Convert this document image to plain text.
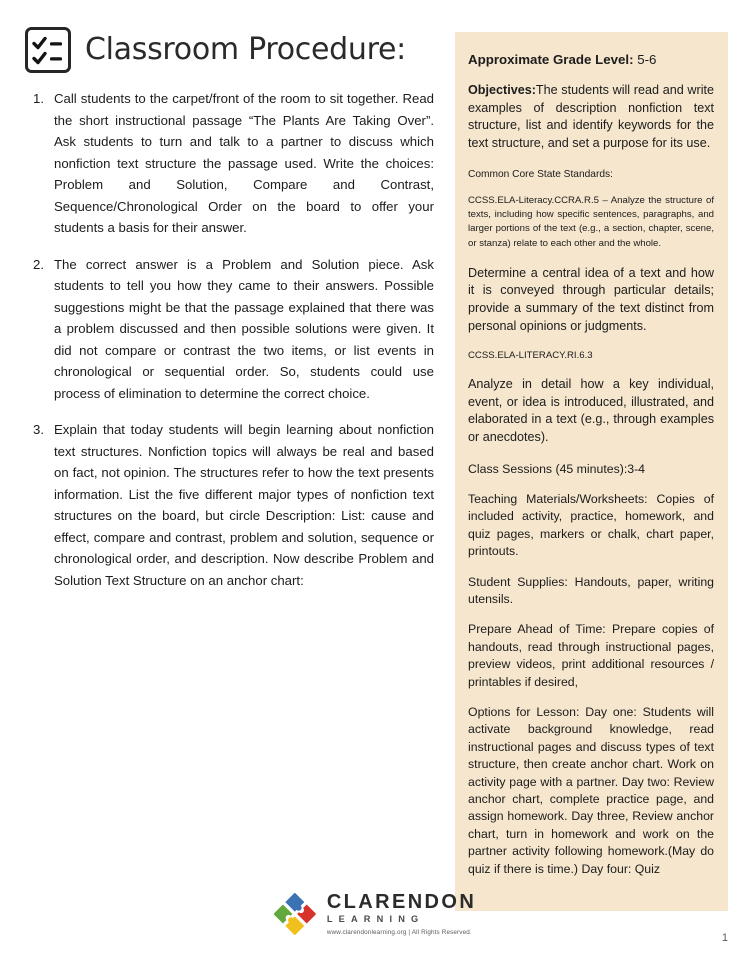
Classroom Procedure:
1. Call students to the carpet/front of the room to sit together. Read the short instructional passage “The Plants Are Taking Over”. Ask students to turn and talk to a partner to discuss which nonfiction text structure the passage used. Write the choices: Problem and Solution, Compare and Contrast, Sequence/Chronological Order on the board to offer your students a basis for their answer.
2. The correct answer is a Problem and Solution piece. Ask students to tell you how they came to their answers. Possible suggestions might be that the passage explained that there was a problem discussed and then possible solutions were given. It did not compare or contrast the two items, or list events in chronological or sequential order. So, students could use process of elimination to determine the correct choice.
3. Explain that today students will begin learning about nonfiction text structures. Nonfiction topics will always be real and based on fact, not opinion. The structures refer to how the text presents information. List the five different major types of nonfiction text structures on the board, but circle Description: List: cause and effect, compare and contrast, problem and solution, sequence or chronological order, and description. Now describe Problem and Solution Text Structure on an anchor chart:
Approximate Grade Level: 5-6
Objectives:The students will read and write examples of description nonfiction text structure, list and identify keywords for the text structure, and set a purpose for its use.
Common Core State Standards:
CCSS.ELA-Literacy.CCRA.R.5 – Analyze the structure of texts, including how specific sentences, paragraphs, and larger portions of the text (e.g., a section, chapter, scene, or stanza) relate to each other and the whole.
Determine a central idea of a text and how it is conveyed through particular details; provide a summary of the text distinct from personal opinions or judgments.
CCSS.ELA-LITERACY.RI.6.3
Analyze in detail how a key individual, event, or idea is introduced, illustrated, and elaborated in a text (e.g., through examples or anecdotes).
Class Sessions (45 minutes):3-4
Teaching Materials/Worksheets: Copies of included activity, practice, homework, and quiz pages, markers or chalk, chart paper, printouts.
Student Supplies: Handouts, paper, writing utensils.
Prepare Ahead of Time: Prepare copies of handouts, read through instructional pages, preview videos, print additional resources / printables if desired,
Options for Lesson: Day one: Students will activate background knowledge, read instructional pages and discuss types of text structure, then create anchor chart. Work on activity page with a partner. Day two: Review anchor chart, complete practice page, and assign homework. Day three, Review anchor chart, turn in homework and work on the partner activity following homework.(May do quiz if there is time.) Day four: Quiz
CLARENDON
LEARNING
www.clarendonlearning.org | All Rights Reserved.	1
